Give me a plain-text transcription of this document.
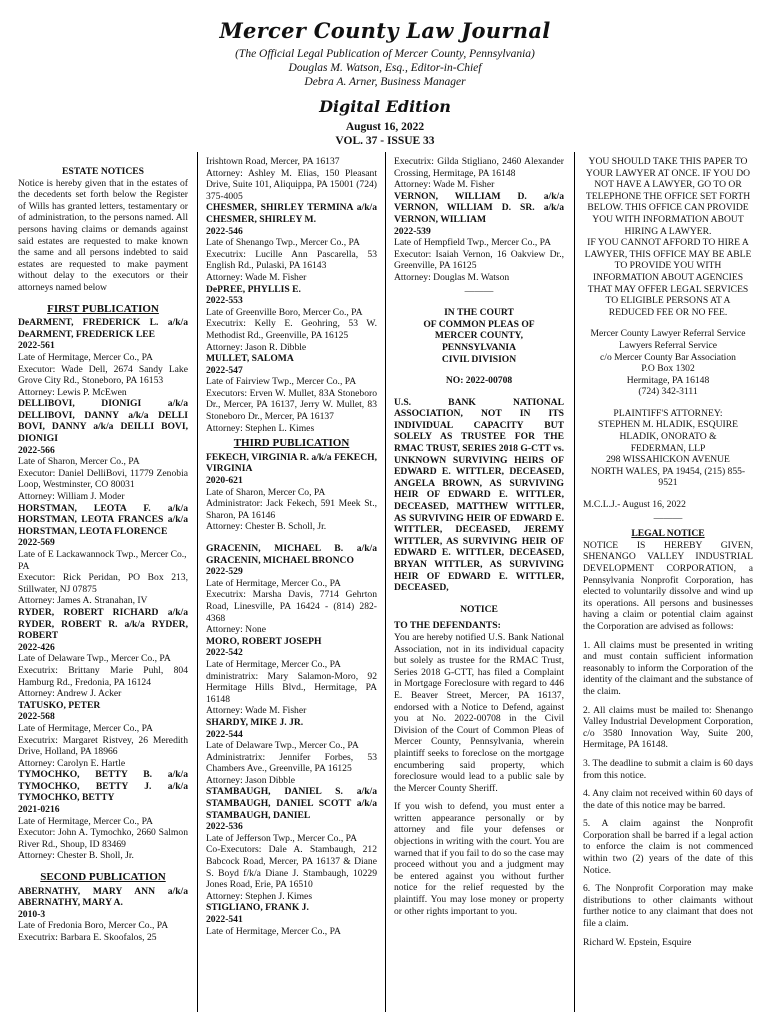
Mercer County Law Journal
(The Official Legal Publication of Mercer County, Pennsylvania)
Douglas M. Watson, Esq., Editor-in-Chief
Debra A. Arner, Business Manager
Digital Edition
August 16, 2022
VOL. 37 - ISSUE 33
ESTATE NOTICES
Notice is hereby given that in the estates of the decedents set forth below the Register of Wills has granted letters, testamentary or of administration, to the persons named. All persons having claims or demands against said estates are requested to make known the same and all persons indebted to said estates are requested to make payment without delay to the executors or their attorneys named below
FIRST PUBLICATION
DeARMENT, FREDERICK L. a/k/a DeARMENT, FREDERICK LEE
2022-561
Late of Hermitage, Mercer Co., PA
Executor: Wade Dell, 2674 Sandy Lake Grove City Rd., Stoneboro, PA 16153
Attorney: Lewis P. McEwen
DELLIBOVI, DIONIGI a/k/a DELLIBOVI, DANNY a/k/a DELLI BOVI, DANNY a/k/a DEILLI BOVI, DIONIGI
2022-566
Late of Sharon, Mercer Co., PA
Executor: Daniel DelliBovi, 11779 Zenobia Loop, Westminster, CO 80031
Attorney: William J. Moder
HORSTMAN, LEOTA F. a/k/a HORSTMAN, LEOTA FRANCES a/k/a HORSTMAN, LEOTA FLORENCE
2022-569
Late of E Lackawannock Twp., Mercer Co., PA
Executor: Rick Peridan, PO Box 213, Stillwater, NJ 07875
Attorney: James A. Stranahan, IV
RYDER, ROBERT RICHARD a/k/a RYDER, ROBERT R. a/k/a RYDER, ROBERT
2022-426
Late of Delaware Twp., Mercer Co., PA
Executrix: Brittany Marie Puhl, 804 Hamburg Rd., Fredonia, PA 16124
Attorney: Andrew J. Acker
TATUSKO, PETER
2022-568
Late of Hermitage, Mercer Co., PA
Executrix: Margaret Ristvey, 26 Meredith Drive, Holland, PA 18966
Attorney: Carolyn E. Hartle
TYMOCHKO, BETTY B. a/k/a TYMOCHKO, BETTY J. a/k/a TYMOCHKO, BETTY
2021-0216
Late of Hermitage, Mercer Co., PA
Executor: John A. Tymochko, 2660 Salmon River Rd., Shoup, ID 83469
Attorney: Chester B. Sholl, Jr.
SECOND PUBLICATION
ABERNATHY, MARY ANN a/k/a ABERNATHY, MARY A.
2010-3
Late of Fredonia Boro, Mercer Co., PA
Executrix: Barbara E. Skoofalos, 25
Irishtown Road, Mercer, PA 16137
Attorney: Ashley M. Elias, 150 Pleasant Drive, Suite 101, Aliquippa, PA 15001 (724) 375-4005
CHESMER, SHIRLEY TERMINA a/k/a CHESMER, SHIRLEY M.
2022-546
Late of Shenango Twp., Mercer Co., PA
Executrix: Lucille Ann Pascarella, 53 English Rd., Pulaski, PA 16143
Attorney: Wade M. Fisher
DePREE, PHYLLIS E.
2022-553
Late of Greenville Boro, Mercer Co., PA
Executrix: Kelly E. Geohring, 53 W. Methodist Rd., Greenville, PA 16125
Attorney: Jason R. Dibble
MULLET, SALOMA
2022-547
Late of Fairview Twp., Mercer Co., PA
Executors: Erven W. Mullet, 83A Stoneboro Dr., Mercer, PA 16137, Jerry W. Mullet, 83 Stoneboro Dr., Mercer, PA 16137
Attorney: Stephen L. Kimes
THIRD PUBLICATION
FEKECH, VIRGINIA R. a/k/a FEKECH, VIRGINIA
2020-621
Late of Sharon, Mercer Co, PA
Administrator: Jack Fekech, 591 Meek St., Sharon, PA 16146
Attorney: Chester B. Scholl, Jr.
GRACENIN, MICHAEL B. a/k/a GRACENIN, MICHAEL BRONCO
2022-529
Late of Hermitage, Mercer Co., PA
Executrix: Marsha Davis, 7714 Gehrton Road, Linesville, PA 16424 - (814) 282-4368
Attorney: None
MORO, ROBERT JOSEPH
2022-542
Late of Hermitage, Mercer Co., PA
dministratrix: Mary Salamon-Moro, 92 Hermitage Hills Blvd., Hermitage, PA 16148
Attorney: Wade M. Fisher
SHARDY, MIKE J. JR.
2022-544
Late of Delaware Twp., Mercer Co., PA
Administratrix: Jennifer Forbes, 53 Chambers Ave., Greenville, PA 16125
Attorney: Jason Dibble
STAMBAUGH, DANIEL S. a/k/a STAMBAUGH, DANIEL SCOTT a/k/a STAMBAUGH, DANIEL
2022-536
Late of Jefferson Twp., Mercer Co., PA
Co-Executors: Dale A. Stambaugh, 212 Babcock Road, Mercer, PA 16137 & Diane S. Boyd f/k/a Diane J. Stambaugh, 10229 Jones Road, Erie, PA 16510
Attorney: Stephen J. Kimes
STIGLIANO, FRANK J.
2022-541
Late of Hermitage, Mercer Co., PA
Executrix: Gilda Stigliano, 2460 Alexander Crossing, Hermitage, PA 16148
Attorney: Wade M. Fisher
VERNON, WILLIAM D. a/k/a VERNON, WILLIAM D. SR. a/k/a VERNON, WILLIAM
2022-539
Late of Hempfield Twp., Mercer Co., PA
Executor: Isaiah Vernon, 16 Oakview Dr., Greenville, PA 16125
Attorney: Douglas M. Watson
———
IN THE COURT
OF COMMON PLEAS OF
MERCER COUNTY,
PENNSYLVANIA
CIVIL DIVISION
NO: 2022-00708
U.S. BANK NATIONAL ASSOCIATION, NOT IN ITS INDIVIDUAL CAPACITY BUT SOLELY AS TRUSTEE FOR THE RMAC TRUST, SERIES 2018 G-CTT vs. UNKNOWN SURVIVING HEIRS OF EDWARD E. WITTLER, DECEASED, ANGELA BROWN, AS SURVIVING HEIR OF EDWARD E. WITTLER, DECEASED, MATTHEW WITTLER, AS SURVIVING HEIR OF EDWARD E. WITTLER, DECEASED, JEREMY WITTLER, AS SURVIVING HEIR OF EDWARD E. WITTLER, DECEASED, BRYAN WITTLER, AS SURVIVING HEIR OF EDWARD E. WITTLER, DECEASED,
NOTICE
TO THE DEFENDANTS:
You are hereby notified U.S. Bank National Association, not in its individual capacity but solely as trustee for the RMAC Trust, Series 2018 G-CTT, has filed a Complaint in Mortgage Foreclosure with regard to 446 E. Beaver Street, Mercer, PA 16137, endorsed with a Notice to Defend, against you at No. 2022-00708 in the Civil Division of the Court of Common Pleas of Mercer County, Pennsylvania, wherein plaintiff seeks to foreclose on the mortgage encumbering said property, which foreclosure would lead to a public sale by the Mercer County Sheriff.
If you wish to defend, you must enter a written appearance personally or by attorney and file your defenses or objections in writing with the court. You are warned that if you fail to do so the case may proceed without you and a judgment may be entered against you without further notice for the relief requested by the plaintiff. You may lose money or property or other rights important to you.
YOU SHOULD TAKE THIS PAPER TO YOUR LAWYER AT ONCE. IF YOU DO NOT HAVE A LAWYER, GO TO OR TELEPHONE THE OFFICE SET FORTH BELOW. THIS OFFICE CAN PROVIDE YOU WITH INFORMATION ABOUT HIRING A LAWYER.
IF YOU CANNOT AFFORD TO HIRE A LAWYER, THIS OFFICE MAY BE ABLE TO PROVIDE YOU WITH INFORMATION ABOUT AGENCIES THAT MAY OFFER LEGAL SERVICES TO ELIGIBLE PERSONS AT A REDUCED FEE OR NO FEE.
Mercer County Lawyer Referral Service
Lawyers Referral Service
c/o Mercer County Bar Association
P.O Box 1302
Hermitage, PA 16148
(724) 342-3111
PLAINTIFF'S ATTORNEY:
STEPHEN M. HLADIK, ESQUIRE
HLADIK, ONORATO &
FEDERMAN, LLP
298 WISSAHICKON AVENUE
NORTH WALES, PA 19454, (215) 855-9521
M.C.L.J.- August 16, 2022
———
LEGAL NOTICE
NOTICE IS HEREBY GIVEN, SHENANGO VALLEY INDUSTRIAL DEVELOPMENT CORPORATION, a Pennsylvania Nonprofit Corporation, has elected to voluntarily dissolve and wind up its operations. All persons and businesses having a claim or potential claim against the Corporation are advised as follows:
1. All claims must be presented in writing and must contain sufficient information reasonably to inform the Corporation of the identity of the claimant and the substance of the claim.
2. All claims must be mailed to: Shenango Valley Industrial Development Corporation, c/o 3580 Innovation Way, Suite 200, Hermitage, PA 16148.
3. The deadline to submit a claim is 60 days from this notice.
4. Any claim not received within 60 days of the date of this notice may be barred.
5. A claim against the Nonprofit Corporation shall be barred if a legal action to enforce the claim is not commenced within two (2) years of the date of this Notice.
6. The Nonprofit Corporation may make distributions to other claimants without further notice to any claimant that does not file a claim.
Richard W. Epstein, Esquire
